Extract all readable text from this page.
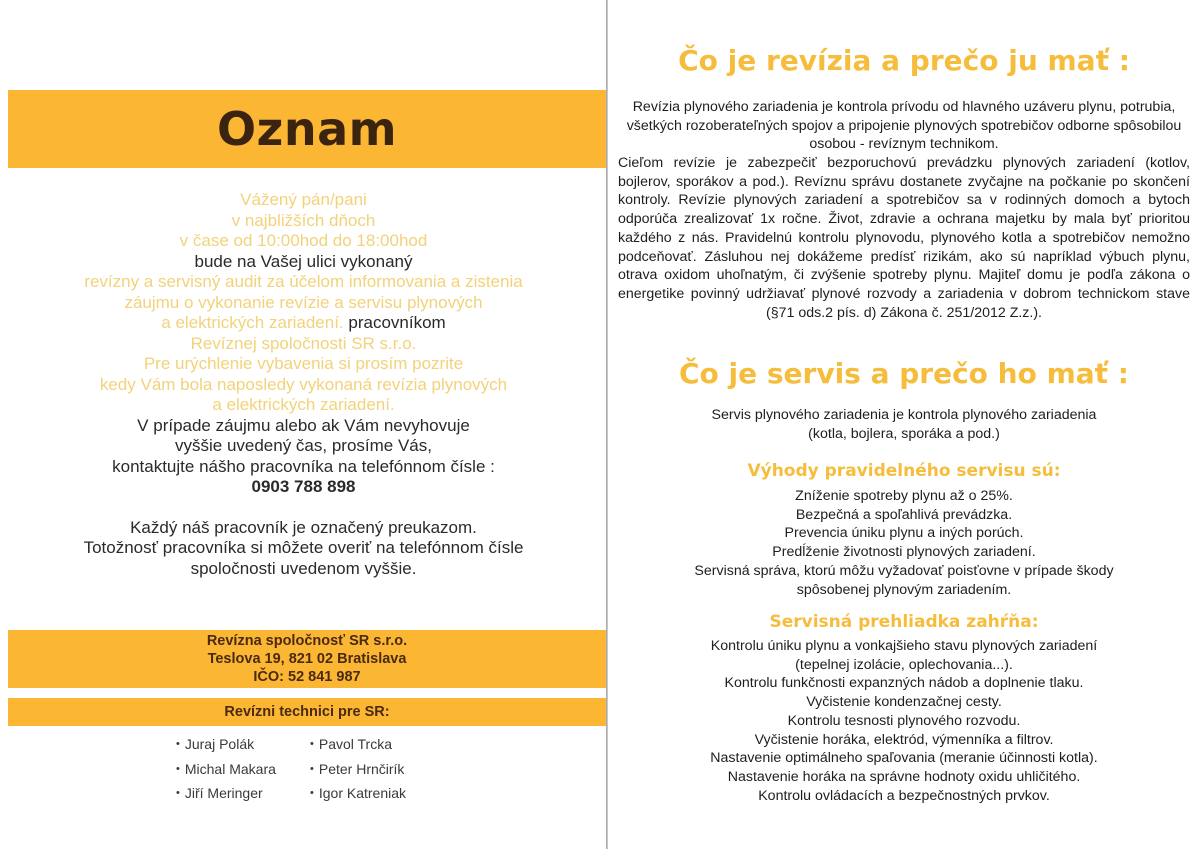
Oznam

Vážený pán/pani

v najbližších dňoch

v čase od 10:00hod do 18:00hod

bude na Vašej ulici vykonaný

revízny a servisný audit za účelom informovania a zistenia

záujmu o vykonanie revízie a servisu plynových

a elektrických zariadení. pracovníkom

Revíznej spoločnosti SR s.r.o.

Pre urýchlenie vybavenia si prosím pozrite

kedy Vám bola naposledy vykonaná revízia plynových

a elektrických zariadení.

V prípade záujmu alebo ak Vám nevyhovuje

vyššie uvedený čas, prosíme Vás,

kontaktujte nášho pracovníka na telefónnom čísle :

0903 788 898

Každý náš pracovník je označený preukazom.

Totožnosť pracovníka si môžete overiť na telefónnom čísle

spoločnosti uvedenom vyššie.

Revízna spoločnosť SR s.r.o.
Teslova 19, 821 02 Bratislava
IČO: 52 841 987
Revízni technici pre SR:
• Juraj Polák	• Pavol Trcka
• Michal Makara	• Peter Hrnčirík
• Jiří Meringer	• Igor Katreniak
Čo je revízia a prečo ju mať :
Revízia plynového zariadenia je kontrola prívodu od hlavného uzáveru plynu, potrubia, všetkých rozoberateľných spojov a pripojenie plynových spotrebičov odborne spôsobilou osobou - revíznym technikom.
Cieľom revízie je zabezpečiť bezporuchovú prevádzku plynových zariadení (kotlov, bojlerov, sporákov a pod.). Revíznu správu dostanete zvyčajne na počkanie po skončení kontroly. Revízie plynových zariadení a spotrebičov sa v rodinných domoch a bytoch odporúča zrealizovať 1x ročne. Život, zdravie a ochrana majetku by mala byť prioritou každého z nás. Pravidelnú kontrolu plynovodu, plynového kotla a spotrebičov nemožno podceňovať. Zásluhou nej dokážeme predísť rizikám, ako sú napríklad výbuch plynu, otrava oxidom uhoľnatým, či zvýšenie spotreby plynu. Majiteľ domu je podľa zákona o energetike povinný udržiavať plynové rozvody a zariadenia v dobrom technickom stave (§71 ods.2 pís. d) Zákona č. 251/2012 Z.z.).
Čo je servis a prečo ho mať :
Servis plynového zariadenia je kontrola plynového zariadenia
(kotla, bojlera, sporáka a pod.)
Výhody pravidelného servisu sú:
Zníženie spotreby plynu až o 25%.
Bezpečná a spoľahlivá prevádzka.
Prevencia úniku plynu a iných porúch.
Predĺženie životnosti plynových zariadení.
Servisná správa, ktorú môžu vyžadovať poisťovne v prípade škody
spôsobenej plynovým zariadením.
Servisná prehliadka zahŕňa:
Kontrolu úniku plynu a vonkajšieho stavu plynových zariadení
(tepelnej izolácie, oplechovania...).
Kontrolu funkčnosti expanzných nádob a doplnenie tlaku.
Vyčistenie kondenzačnej cesty.
Kontrolu tesnosti plynového rozvodu.
Vyčistenie horáka, elektród, výmenníka a filtrov.
Nastavenie optimálneho spaľovania (meranie účinnosti kotla).
Nastavenie horáka na správne hodnoty oxidu uhličitého.
Kontrolu ovládacích a bezpečnostných prvkov.
